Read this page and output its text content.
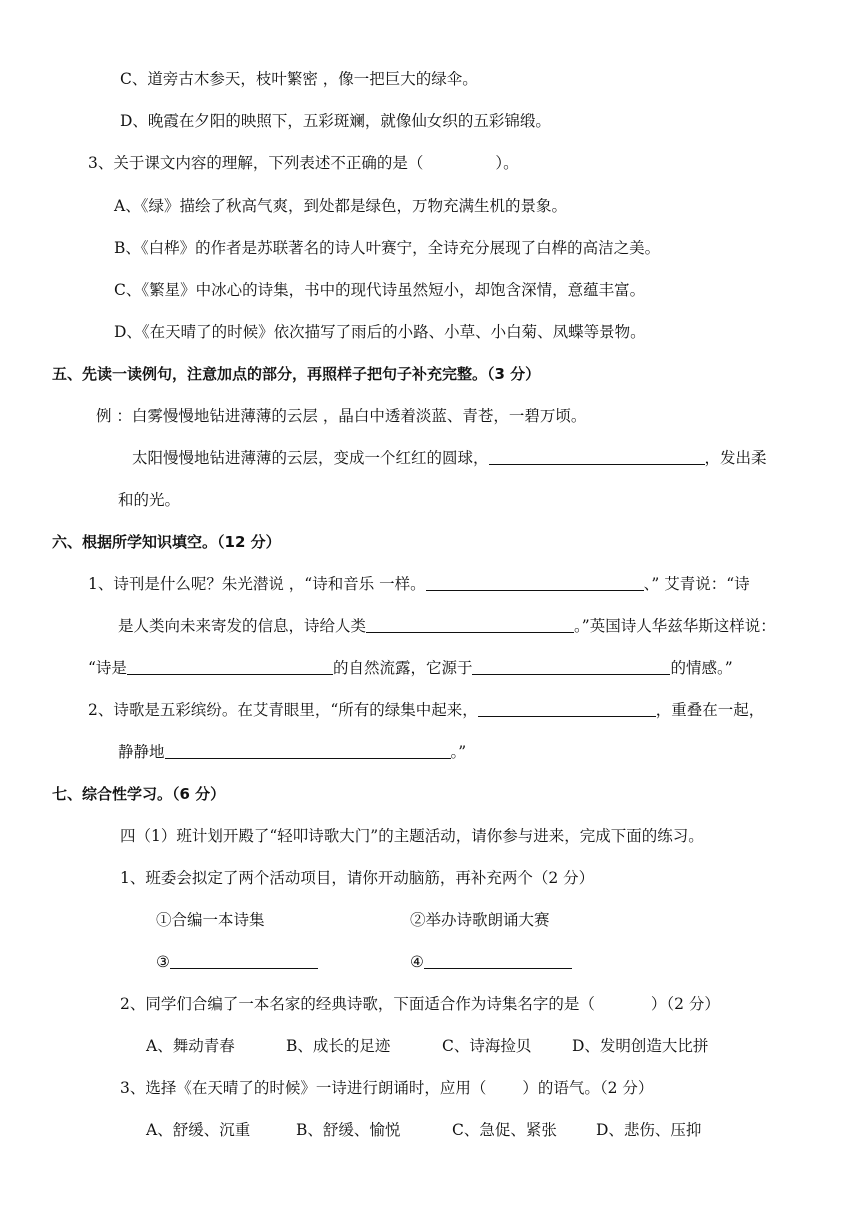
C、道旁古木参天，枝叶繁密 ，像一把巨大的绿伞。
D、晚霞在夕阳的映照下，五彩斑斓，就像仙女织的五彩锦缎。
3、关于课文内容的理解，下列表述不正确的是（	）。
A、《绿》描绘了秋高气爽，到处都是绿色，万物充满生机的景象。
B、《白桦》的作者是苏联著名的诗人叶赛宁，全诗充分展现了白桦的高洁之美。
C、《繁星》中冰心的诗集，书中的现代诗虽然短小，却饱含深情，意蕴丰富。
D、《在天晴了的时候》依次描写了雨后的小路、小草、小白菊、凤蝶等景物。
五、先读一读例句，注意加点的部分，再照样子把句子补充完整。（3 分）
例 ：白雾慢慢地钻进薄薄的云层 ，晶白中透着淡蓝、青苍，一碧万顷。
太阳慢慢地钻进薄薄的云层，变成一个红红的圆球，	，发出柔
和的光。
六、根据所学知识填空。（12 分）
1、诗刊是什么呢？朱光潜说 ，“诗和音乐 一样。	、” 艾青说：“诗
是人类向未来寄发的信息，诗给人类	。”英国诗人华兹华斯这样说：
“诗是	的自然流露，它源于	的情感。”
2、诗歌是五彩缤纷。在艾青眼里，“所有的绿集中起来，	，重叠在一起，
静静地	。”
七、综合性学习。（6 分）
四（1）班计划开殿了“轻叩诗歌大门”的主题活动，请你参与进来，完成下面的练习。
1、班委会拟定了两个活动项目，请你开动脑筋，再补充两个（2 分）
①合编一本诗集	②举办诗歌朗诵大赛
③	④
2、同学们合编了一本名家的经典诗歌，下面适合作为诗集名字的是（	）（2 分）
A、舞动青春	B、成长的足迹	C、诗海捡贝	D、发明创造大比拼
3、选择《在天晴了的时候》一诗进行朗诵时，应用（ ）的语气。（2 分）
A、舒缓、沉重	B、舒缓、愉悦	C、急促、紧张	D、悲伤、压抑
